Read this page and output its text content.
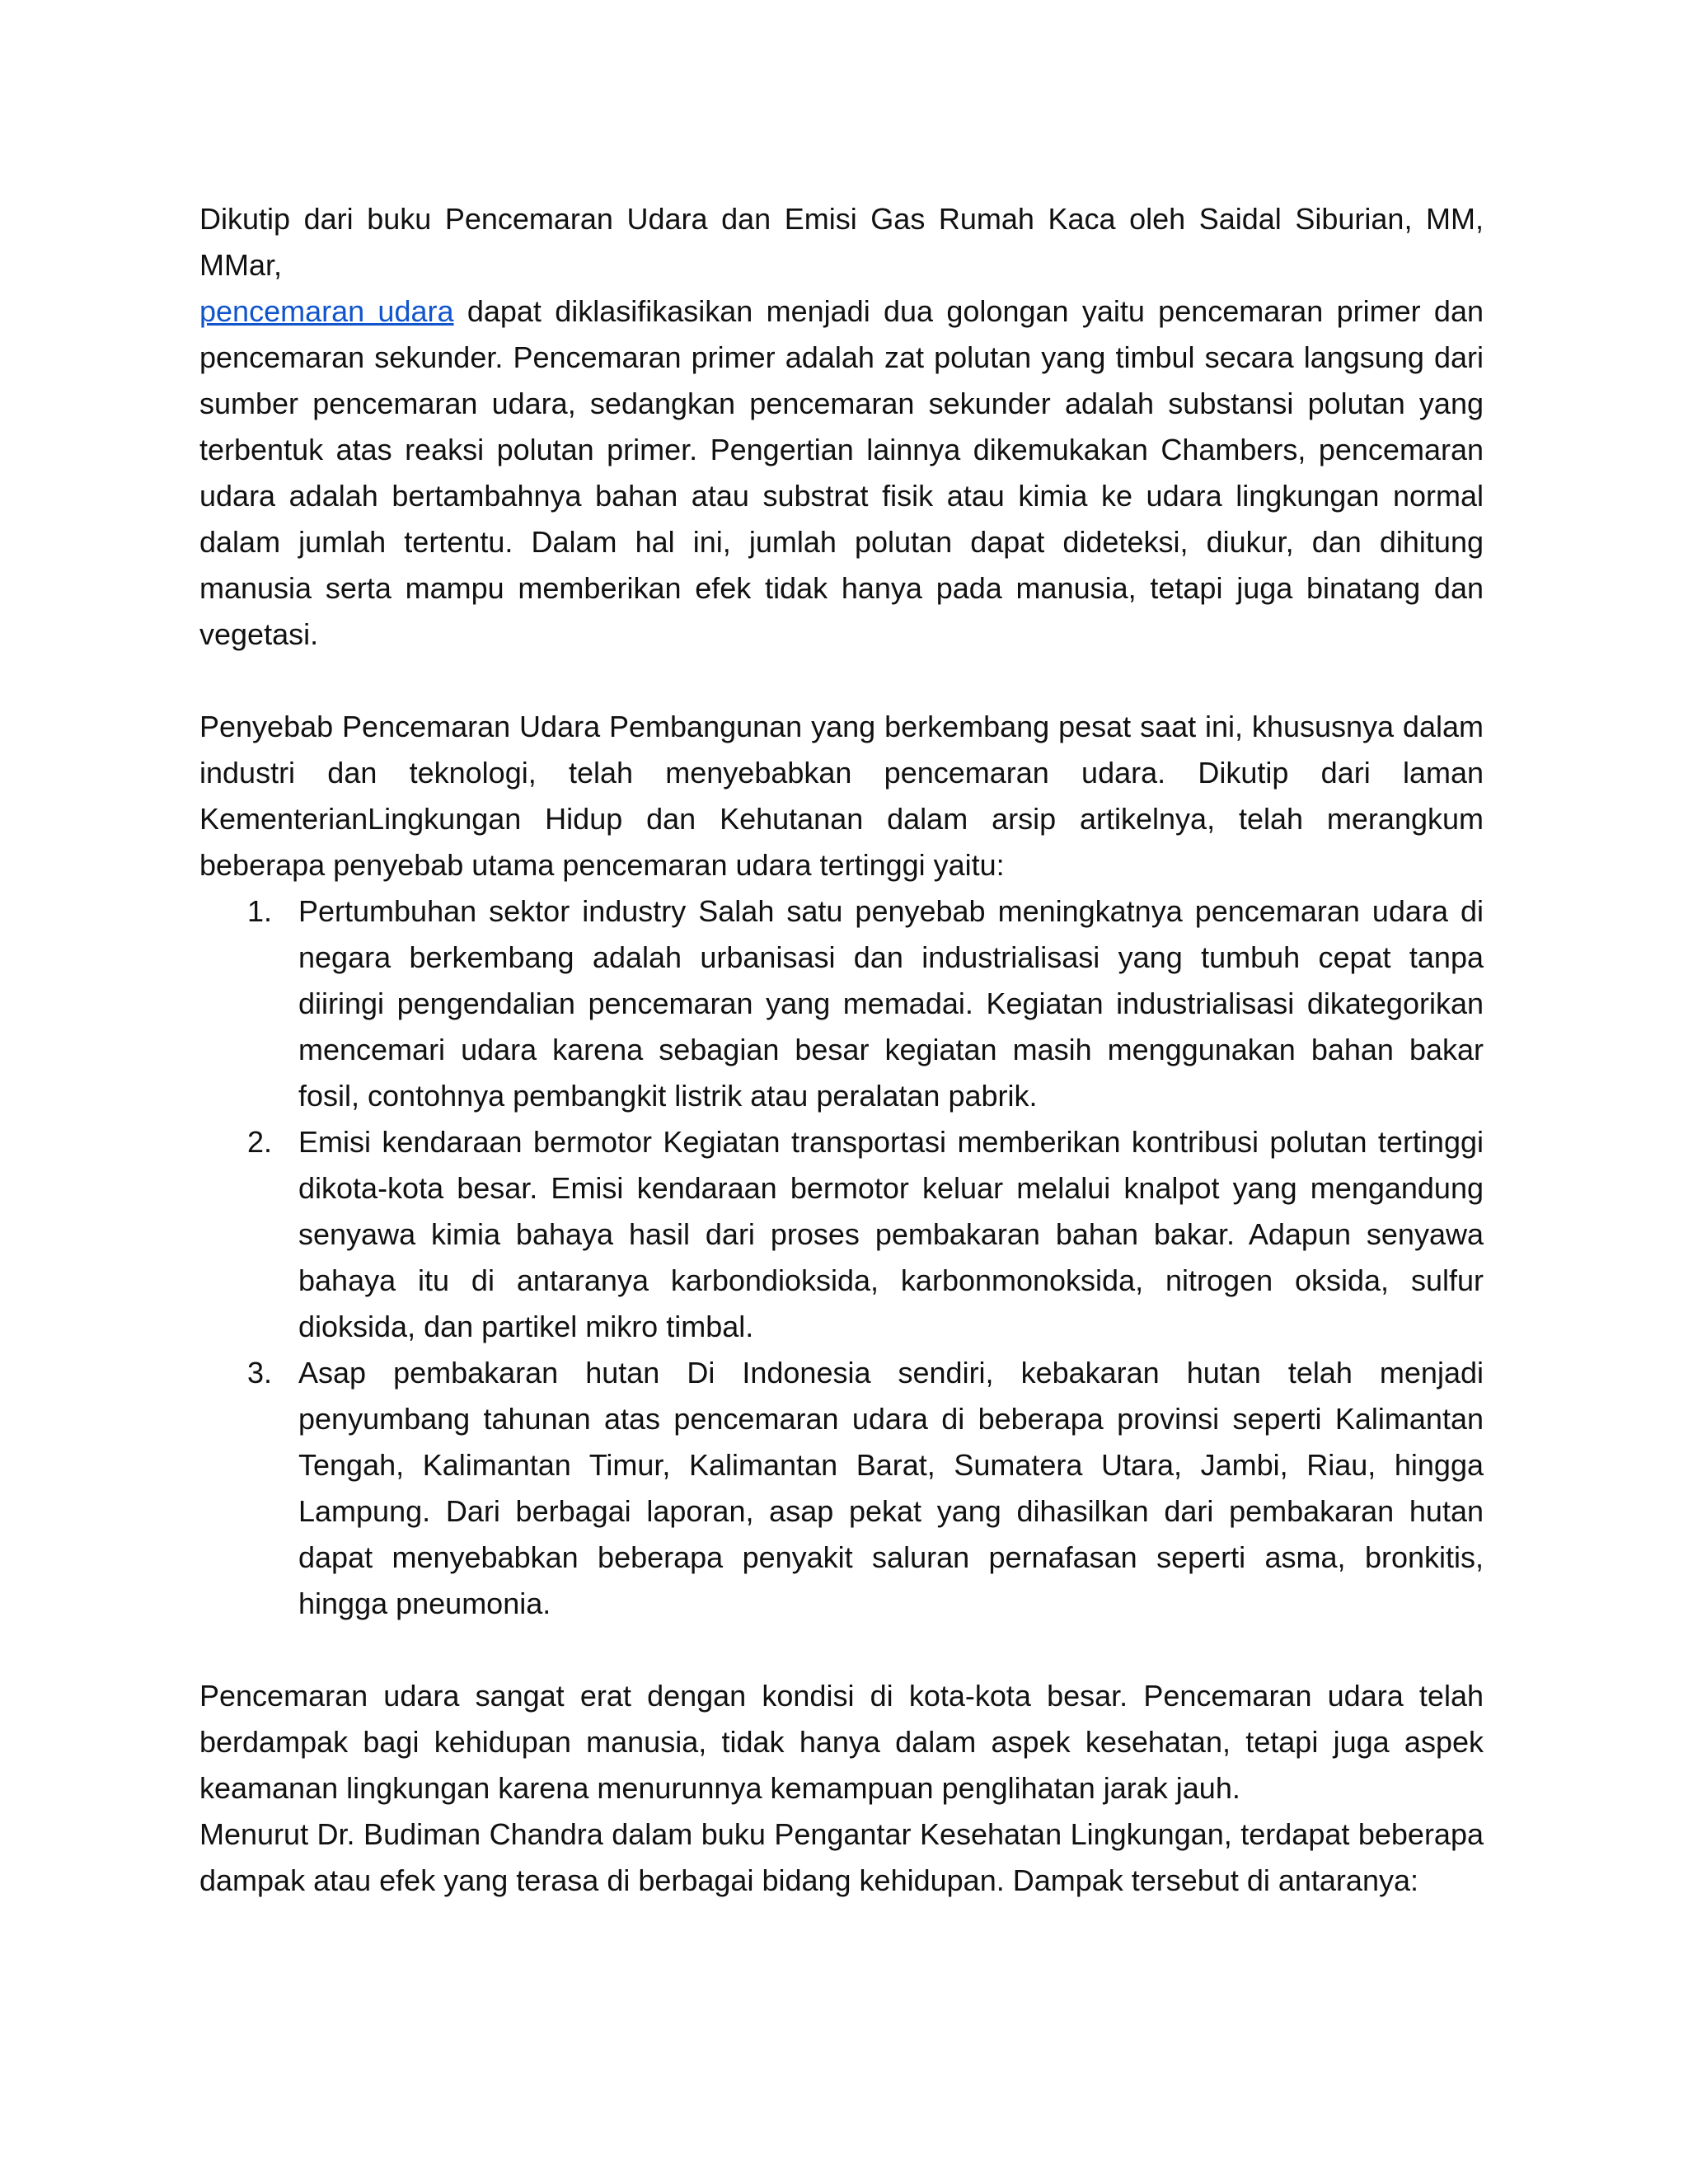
Dikutip dari buku Pencemaran Udara dan Emisi Gas Rumah Kaca oleh Saidal Siburian, MM, MMar,

pencemaran udara dapat diklasifikasikan menjadi dua golongan yaitu pencemaran primer dan pencemaran sekunder. Pencemaran primer adalah zat polutan yang timbul secara langsung dari sumber pencemaran udara, sedangkan pencemaran sekunder adalah substansi polutan yang terbentuk atas reaksi polutan primer. Pengertian lainnya dikemukakan Chambers, pencemaran udara adalah bertambahnya bahan atau substrat fisik atau kimia ke udara lingkungan normal dalam jumlah tertentu. Dalam hal ini, jumlah polutan dapat dideteksi, diukur, dan dihitung manusia serta mampu memberikan efek tidak hanya pada manusia, tetapi juga binatang dan vegetasi.

Penyebab Pencemaran Udara Pembangunan yang berkembang pesat saat ini, khususnya dalam industri dan teknologi, telah menyebabkan pencemaran udara. Dikutip dari laman KementerianLingkungan Hidup dan Kehutanan dalam arsip artikelnya, telah merangkum beberapa penyebab utama pencemaran udara tertinggi yaitu:

1. Pertumbuhan sektor industry Salah satu penyebab meningkatnya pencemaran udara di negara berkembang adalah urbanisasi dan industrialisasi yang tumbuh cepat tanpa diiringi pengendalian pencemaran yang memadai. Kegiatan industrialisasi dikategorikan mencemari udara karena sebagian besar kegiatan masih menggunakan bahan bakar fosil, contohnya pembangkit listrik atau peralatan pabrik.
2. Emisi kendaraan bermotor Kegiatan transportasi memberikan kontribusi polutan tertinggi dikota-kota besar. Emisi kendaraan bermotor keluar melalui knalpot yang mengandung senyawa kimia bahaya hasil dari proses pembakaran bahan bakar. Adapun senyawa bahaya itu di antaranya karbondioksida, karbonmonoksida, nitrogen oksida, sulfur dioksida, dan partikel mikro timbal.
3. Asap pembakaran hutan Di Indonesia sendiri, kebakaran hutan telah menjadi penyumbang tahunan atas pencemaran udara di beberapa provinsi seperti Kalimantan Tengah, Kalimantan Timur, Kalimantan Barat, Sumatera Utara, Jambi, Riau, hingga Lampung. Dari berbagai laporan, asap pekat yang dihasilkan dari pembakaran hutan dapat menyebabkan beberapa penyakit saluran pernafasan seperti asma, bronkitis, hingga pneumonia.

Pencemaran udara sangat erat dengan kondisi di kota-kota besar. Pencemaran udara telah berdampak bagi kehidupan manusia, tidak hanya dalam aspek kesehatan, tetapi juga aspek keamanan lingkungan karena menurunnya kemampuan penglihatan jarak jauh.

Menurut Dr. Budiman Chandra dalam buku Pengantar Kesehatan Lingkungan, terdapat beberapa dampak atau efek yang terasa di berbagai bidang kehidupan. Dampak tersebut di antaranya:
